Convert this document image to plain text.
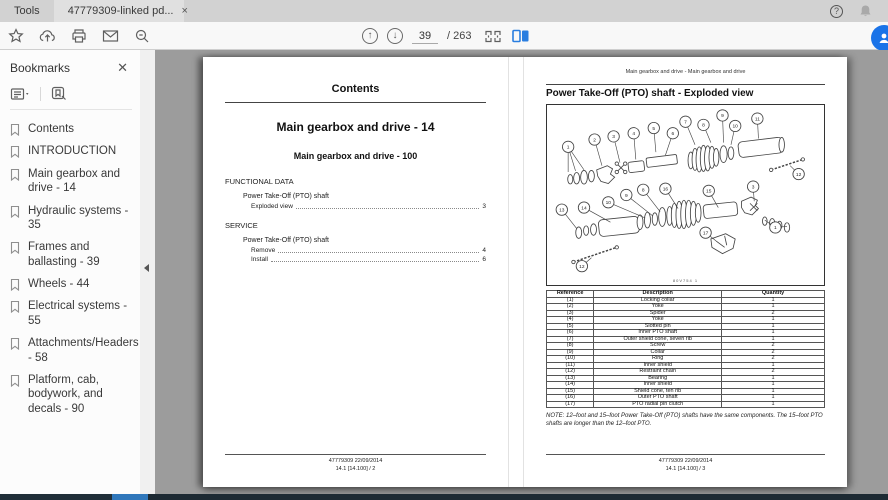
Tools	47779309-linked pd... ×	?
↑	↓
39	/ 263
Bookmarks	✕
Contents
INTRODUCTION
Main gearbox and drive - 14
Hydraulic systems - 35
Frames and ballasting - 39
Wheels - 44
Electrical systems - 55
Attachments/Headers - 58
Platform, cab, bodywork, and decals - 90
Contents
Main gearbox and drive - 14
Main gearbox and drive - 100
FUNCTIONAL DATA
Power Take-Off (PTO) shaft
Exploded view	3
SERVICE
Power Take-Off (PTO) shaft
Remove	4
Install	6
47779309 22/09/2014
14.1 [14.100] / 2
Main gearbox and drive - Main gearbox and drive
Power Take-Off (PTO) shaft - Exploded view
1
2
3
4
5
6
7
8
9
10
11
12
13	14
10
9
8	16	15
3
1
17
12
80V754 1
Reference	Description	Quantity
(1)	Locking collar	1
(2)	Yoke	1
(3)	Spider	2
(4)	Yoke	1
(5)	Slotted pin	1
(6)	Inner PTO shaft	1
(7)	Outer shield cone, seven rib	1
(8)	Screw	2
(9)	Collar	2
(10)	Ring	2
(11)	Inner shield	1
(12)	Restraint chain	2
(13)	Bearing	1
(14)	Inner shield	1
(15)	Shield cone, ten rib	1
(16)	Outer PTO shaft	1
(17)	PTO radial pin clutch	1
NOTE: 12–foot and 15–foot Power Take-Off (PTO) shafts have the same components. The 15–foot PTO shafts are longer than the 12–foot PTO.
47779309 22/09/2014
14.1 [14.100] / 3
